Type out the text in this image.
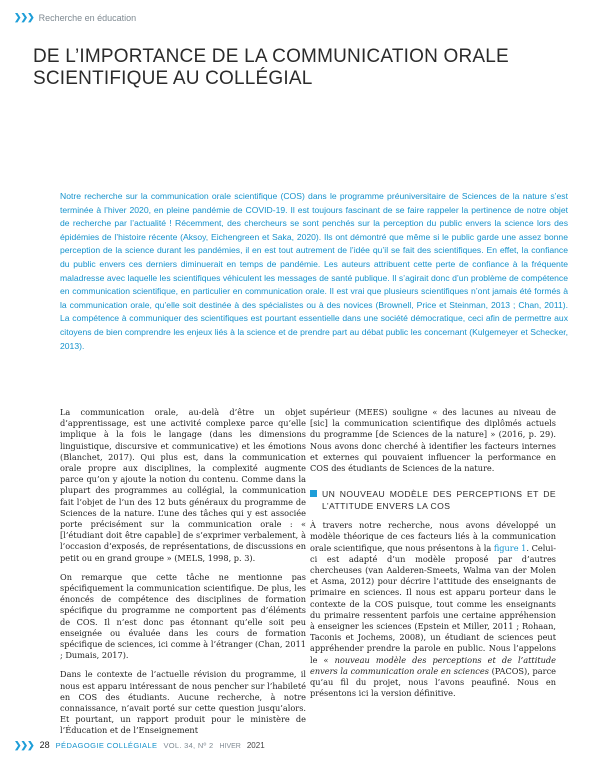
❯❯❯ Recherche en éducation
DE L’IMPORTANCE DE LA COMMUNICATION ORALE
SCIENTIFIQUE AU COLLÉGIAL

Notre recherche sur la communication orale scientifique (COS) dans le programme préuniversitaire de Sciences de la nature s’est terminée à l’hiver 2020, en pleine pandémie de COVID-19. Il est toujours fascinant de se faire rappeler la pertinence de notre objet de recherche par l’actualité ! Récemment, des chercheurs se sont penchés sur la perception du public envers la science lors des épidémies de l’histoire récente (Aksoy, Eichengreen et Saka, 2020). Ils ont démontré que même si le public garde une assez bonne perception de la science durant les pandémies, il en est tout autrement de l’idée qu’il se fait des scientifiques. En effet, la confiance du public envers ces derniers diminuerait en temps de pandémie. Les auteurs attribuent cette perte de confiance à la fréquente maladresse avec laquelle les scientifiques véhiculent les messages de santé publique. Il s’agirait donc d’un problème de compétence en communication scientifique, en particulier en communication orale. Il est vrai que plusieurs scientifiques n’ont jamais été formés à la communication orale, qu’elle soit destinée à des spécialistes ou à des novices (Brownell, Price et Steinman, 2013 ; Chan, 2011). La compétence à communiquer des scientifiques est pourtant essentielle dans une société démocratique, ceci afin de permettre aux citoyens de bien comprendre les enjeux liés à la science et de prendre part au débat public les concernant (Kulgemeyer et Schecker, 2013).

La communication orale, au-delà d’être un objet d’apprentissage, est une activité complexe parce qu’elle implique à la fois le langage (dans les dimensions linguistique, discursive et communicative) et les émotions (Blanchet, 2017). Qui plus est, dans la communication orale propre aux disciplines, la complexité augmente parce qu’on y ajoute la notion du contenu. Comme dans la plupart des programmes au collégial, la communication fait l’objet de l’un des 12 buts généraux du programme de Sciences de la nature. L’une des tâches qui y est associée porte précisément sur la communication orale : « [l’étudiant doit être capable] de s’exprimer verbalement, à l’occasion d’exposés, de représentations, de discussions en petit ou en grand groupe » (MELS, 1998, p. 3).

On remarque que cette tâche ne mentionne pas spécifiquement la communication scientifique. De plus, les énoncés de compétence des disciplines de formation spécifique du programme ne comportent pas d’éléments de COS. Il n’est donc pas étonnant qu’elle soit peu enseignée ou évaluée dans les cours de formation spécifique de sciences, ici comme à l’étranger (Chan, 2011 ; Dumais, 2017).

Dans le contexte de l’actuelle révision du programme, il nous est apparu intéressant de nous pencher sur l’habileté en COS des étudiants. Aucune recherche, à notre connaissance, n’avait porté sur cette question jusqu’alors. Et pourtant, un rapport produit pour le ministère de l’Éducation et de l’Enseignement

supérieur (MEES) souligne « des lacunes au niveau de [sic] la communication scientifique des diplômés actuels du programme [de Sciences de la nature] » (2016, p. 29). Nous avons donc cherché à identifier les facteurs internes et externes qui pouvaient influencer la performance en COS des étudiants de Sciences de la nature.

UN NOUVEAU MODÈLE DES PERCEPTIONS ET DE L’ATTITUDE ENVERS LA COS

À travers notre recherche, nous avons développé un modèle théorique de ces facteurs liés à la communication orale scientifique, que nous présentons à la figure 1. Celui-ci est adapté d’un modèle proposé par d’autres chercheuses (van Aalderen-Smeets, Walma van der Molen et Asma, 2012) pour décrire l’attitude des enseignants de primaire en sciences. Il nous est apparu porteur dans le contexte de la COS puisque, tout comme les enseignants du primaire ressentent parfois une certaine appréhension à enseigner les sciences (Epstein et Miller, 2011 ; Rohaan, Taconis et Jochems, 2008), un étudiant de sciences peut appréhender prendre la parole en public. Nous l’appelons le « nouveau modèle des perceptions et de l’attitude envers la communication orale en sciences (PACOS), parce qu’au fil du projet, nous l’avons peaufiné. Nous en présentons ici la version définitive.

❯❯❯ 28 PÉDAGOGIE COLLÉGIALE VOL. 34, Nº 2 HIVER 2021
